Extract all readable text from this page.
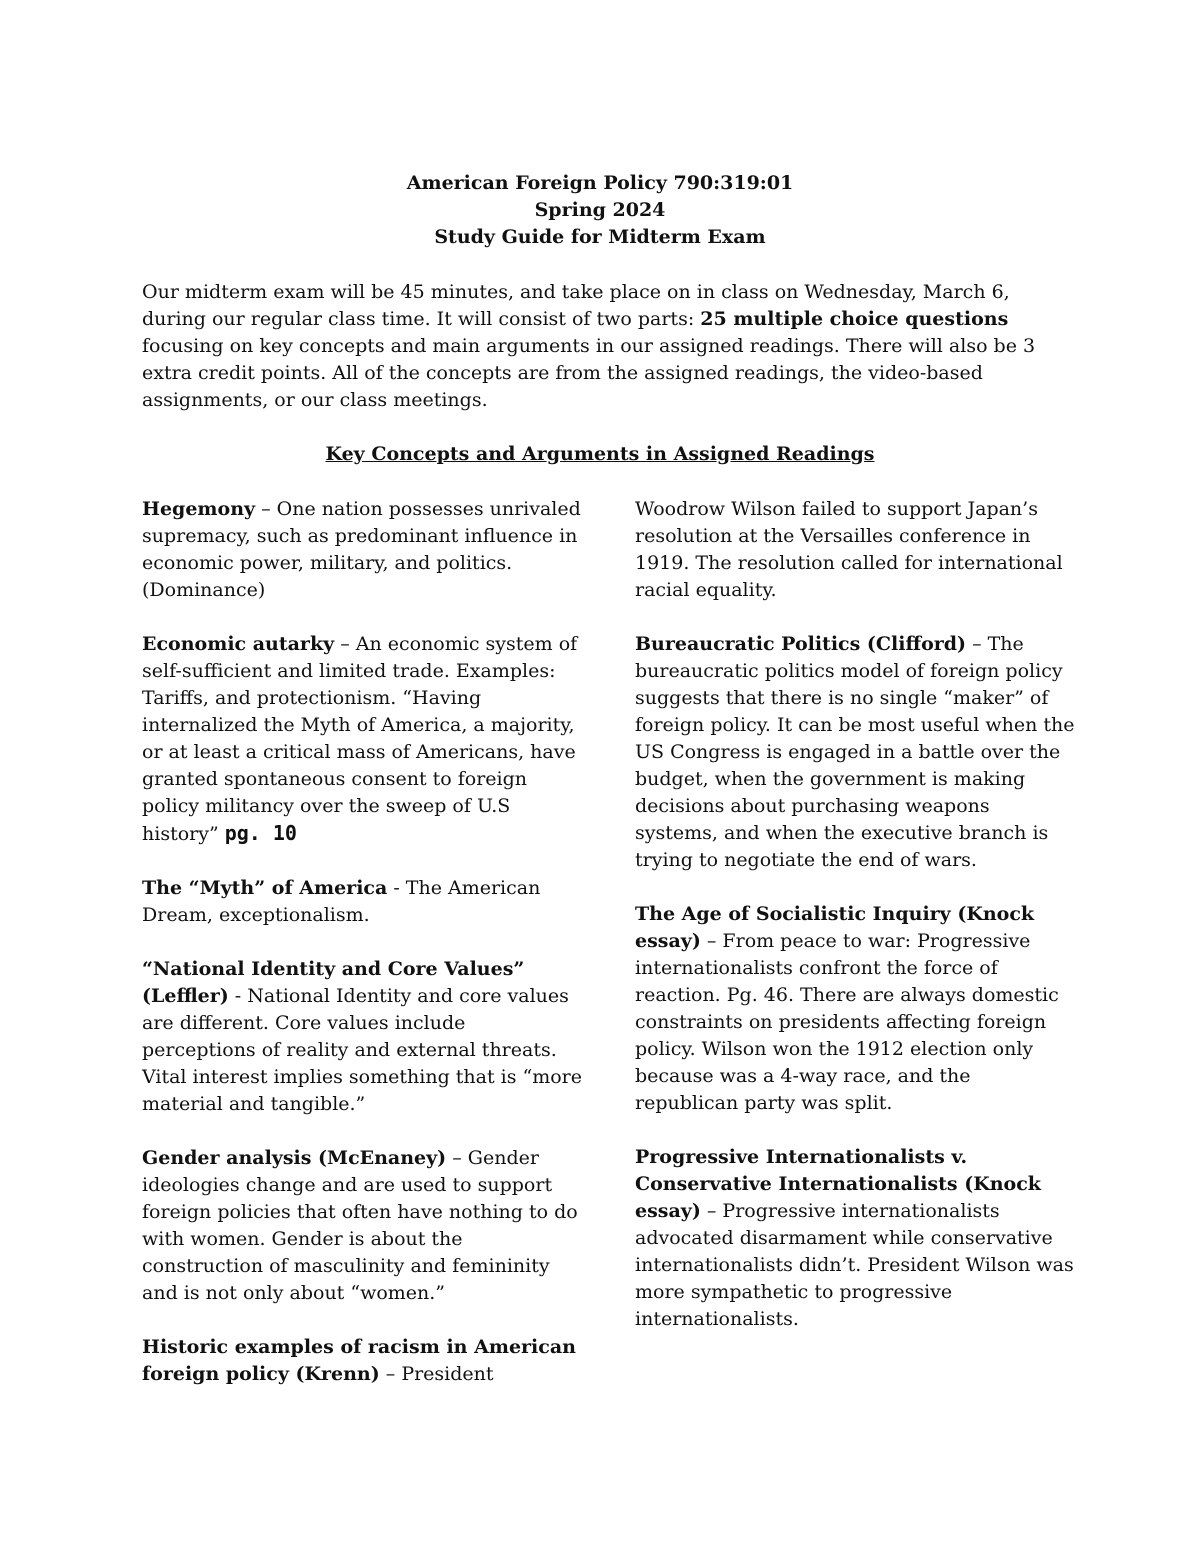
American Foreign Policy 790:319:01
Spring 2024
Study Guide for Midterm Exam

Our midterm exam will be 45 minutes, and take place on in class on Wednesday, March 6, during our regular class time. It will consist of two parts: 25 multiple choice questions focusing on key concepts and main arguments in our assigned readings. There will also be 3 extra credit points. All of the concepts are from the assigned readings, the video-based assignments, or our class meetings.

Key Concepts and Arguments in Assigned Readings

Hegemony – One nation possesses unrivaled supremacy, such as predominant influence in economic power, military, and politics. (Dominance)

Economic autarky – An economic system of self-sufficient and limited trade. Examples: Tariffs, and protectionism. “Having internalized the Myth of America, a majority, or at least a critical mass of Americans, have granted spontaneous consent to foreign policy militancy over the sweep of U.S history” pg. 10

The “Myth” of America - The American Dream, exceptionalism.

“National Identity and Core Values” (Leffler) - National Identity and core values are different. Core values include perceptions of reality and external threats. Vital interest implies something that is “more material and tangible.”

Gender analysis (McEnaney) – Gender ideologies change and are used to support foreign policies that often have nothing to do with women. Gender is about the construction of masculinity and femininity and is not only about “women.”

Historic examples of racism in American foreign policy (Krenn) – President

Woodrow Wilson failed to support Japan’s resolution at the Versailles conference in 1919. The resolution called for international racial equality.

Bureaucratic Politics (Clifford) – The bureaucratic politics model of foreign policy suggests that there is no single “maker” of foreign policy. It can be most useful when the US Congress is engaged in a battle over the budget, when the government is making decisions about purchasing weapons systems, and when the executive branch is trying to negotiate the end of wars.

The Age of Socialistic Inquiry (Knock essay) – From peace to war: Progressive internationalists confront the force of reaction. Pg. 46. There are always domestic constraints on presidents affecting foreign policy. Wilson won the 1912 election only because was a 4-way race, and the republican party was split.

Progressive Internationalists v. Conservative Internationalists (Knock essay) – Progressive internationalists advocated disarmament while conservative internationalists didn’t. President Wilson was more sympathetic to progressive internationalists.
